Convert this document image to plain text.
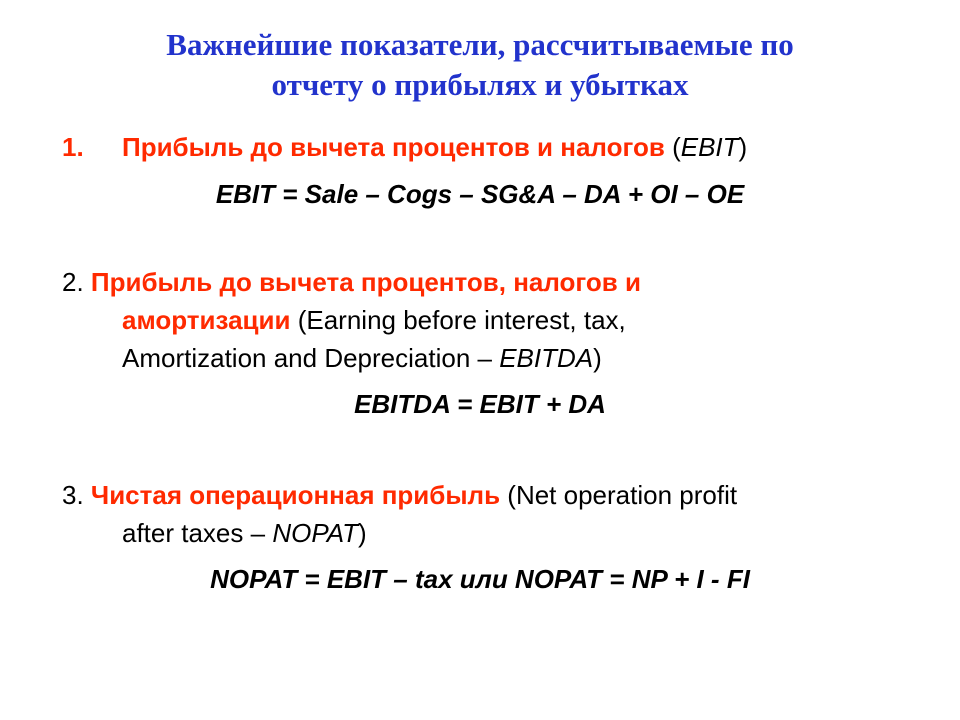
Важнейшие показатели, рассчитываемые по
отчету о прибылях и убытках
1. Прибыль до вычета процентов и налогов (EBIT)
EBIT = Sale – Cogs – SG&A – DA + OI – OE
2. Прибыль до вычета процентов, налогов и
амортизации (Earning before interest, tax,
Amortization and Depreciation – EBITDA)
EBITDA = EBIT + DA
3. Чистая операционная прибыль (Net operation profit
after taxes – NOPAT)
NOPAT = EBIT – tax или NOPAT = NP + I - FI
